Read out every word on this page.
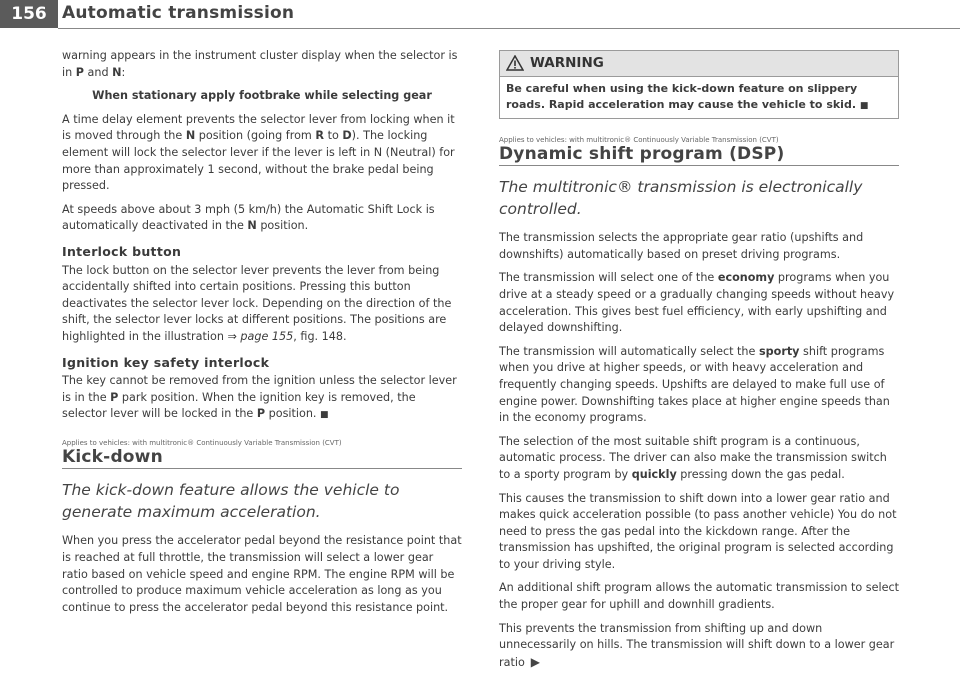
156 Automatic transmission

warning appears in the instrument cluster display when the selector is in P and N:

When stationary apply footbrake while selecting gear

A time delay element prevents the selector lever from locking when it is moved through the N position (going from R to D). The locking element will lock the selector lever if the lever is left in N (Neutral) for more than approximately 1 second, without the brake pedal being pressed.

At speeds above about 3 mph (5 km/h) the Automatic Shift Lock is automatically deactivated in the N position.

Interlock button

The lock button on the selector lever prevents the lever from being accidentally shifted into certain positions. Pressing this button deactivates the selector lever lock. Depending on the direction of the shift, the selector lever locks at different positions. The positions are highlighted in the illustration ⇒ page 155, fig. 148.

Ignition key safety interlock

The key cannot be removed from the ignition unless the selector lever is in the P park position. When the ignition key is removed, the selector lever will be locked in the P position. ■

Applies to vehicles: with multitronic® Continuously Variable Transmission (CVT)
Kick-down

The kick-down feature allows the vehicle to generate maximum acceleration.

When you press the accelerator pedal beyond the resistance point that is reached at full throttle, the transmission will select a lower gear ratio based on vehicle speed and engine RPM. The engine RPM will be controlled to produce maximum vehicle acceleration as long as you continue to press the accelerator pedal beyond this resistance point.

WARNING
Be careful when using the kick-down feature on slippery roads. Rapid acceleration may cause the vehicle to skid. ■
Applies to vehicles: with multitronic® Continuously Variable Transmission (CVT)
Dynamic shift program (DSP)

The multitronic® transmission is electronically controlled.

The transmission selects the appropriate gear ratio (upshifts and downshifts) automatically based on preset driving programs.

The transmission will select one of the economy programs when you drive at a steady speed or a gradually changing speeds without heavy acceleration. This gives best fuel efficiency, with early upshifting and delayed downshifting.

The transmission will automatically select the sporty shift programs when you drive at higher speeds, or with heavy acceleration and frequently changing speeds. Upshifts are delayed to make full use of engine power. Downshifting takes place at higher engine speeds than in the economy programs.

The selection of the most suitable shift program is a continuous, automatic process. The driver can also make the transmission switch to a sporty program by quickly pressing down the gas pedal.

This causes the transmission to shift down into a lower gear ratio and makes quick acceleration possible (to pass another vehicle) You do not need to press the gas pedal into the kickdown range. After the transmission has upshifted, the original program is selected according to your driving style.

An additional shift program allows the automatic transmission to select the proper gear for uphill and downhill gradients.

This prevents the transmission from shifting up and down unnecessarily on hills. The transmission will shift down to a lower gear ratio ▶
